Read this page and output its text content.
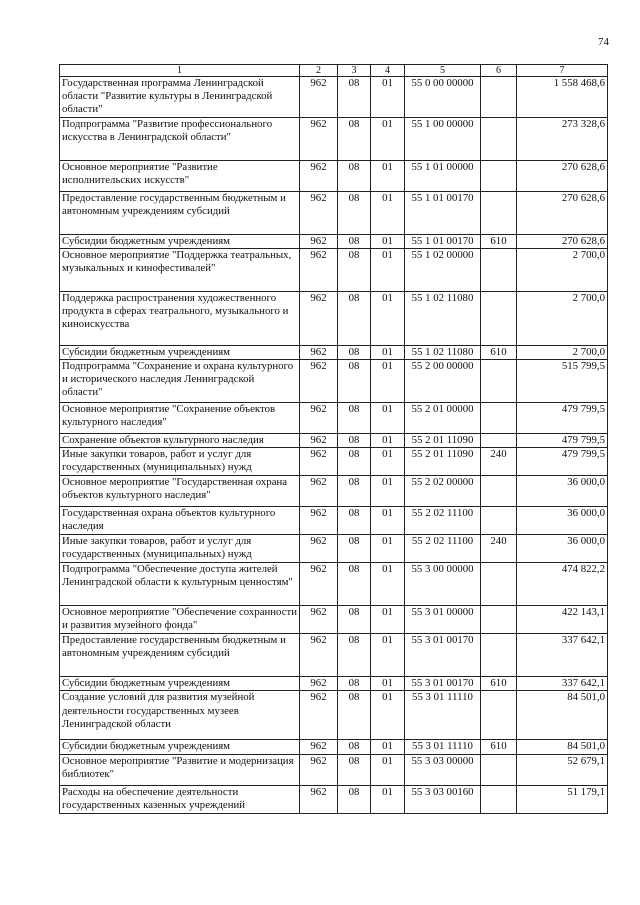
74
1	2	3	4	5	6	7
Государственная программа Ленинградской области "Развитие культуры в Ленинградской области"	962	08	01	55 0 00 00000		1 558 468,6
Подпрограмма "Развитие профессионального искусства в Ленинградской области"	962	08	01	55 1 00 00000		273 328,6
Основное мероприятие "Развитие исполнительских искусств"	962	08	01	55 1 01 00000		270 628,6
Предоставление государственным бюджетным и автономным учреждениям субсидий	962	08	01	55 1 01 00170		270 628,6
Субсидии бюджетным учреждениям	962	08	01	55 1 01 00170	610	270 628,6
Основное мероприятие "Поддержка театральных, музыкальных и кинофестивалей"	962	08	01	55 1 02 00000		2 700,0
Поддержка распространения художественного продукта в сферах театрального, музыкального и киноискусства	962	08	01	55 1 02 11080		2 700,0
Субсидии бюджетным учреждениям	962	08	01	55 1 02 11080	610	2 700,0
Подпрограмма "Сохранение и охрана культурного и исторического наследия Ленинградской области"	962	08	01	55 2 00 00000		515 799,5
Основное мероприятие "Сохранение объектов культурного наследия"	962	08	01	55 2 01 00000		479 799,5
Сохранение объектов культурного наследия	962	08	01	55 2 01 11090		479 799,5
Иные закупки товаров, работ и услуг для государственных (муниципальных) нужд	962	08	01	55 2 01 11090	240	479 799,5
Основное мероприятие "Государственная охрана объектов культурного наследия"	962	08	01	55 2 02 00000		36 000,0
Государственная охрана объектов культурного наследия	962	08	01	55 2 02 11100		36 000,0
Иные закупки товаров, работ и услуг для государственных (муниципальных) нужд	962	08	01	55 2 02 11100	240	36 000,0
Подпрограмма "Обеспечение доступа жителей Ленинградской области к культурным ценностям"	962	08	01	55 3 00 00000		474 822,2
Основное мероприятие "Обеспечение сохранности и развития музейного фонда"	962	08	01	55 3 01 00000		422 143,1
Предоставление государственным бюджетным и автономным учреждениям субсидий	962	08	01	55 3 01 00170		337 642,1
Субсидии бюджетным учреждениям	962	08	01	55 3 01 00170	610	337 642,1
Создание условий для развития музейной деятельности государственных музеев Ленинградской области	962	08	01	55 3 01 11110		84 501,0
Субсидии бюджетным учреждениям	962	08	01	55 3 01 11110	610	84 501,0
Основное мероприятие "Развитие и модернизация библиотек"	962	08	01	55 3 03 00000		52 679,1
Расходы на обеспечение деятельности государственных казенных учреждений	962	08	01	55 3 03 00160		51 179,1
